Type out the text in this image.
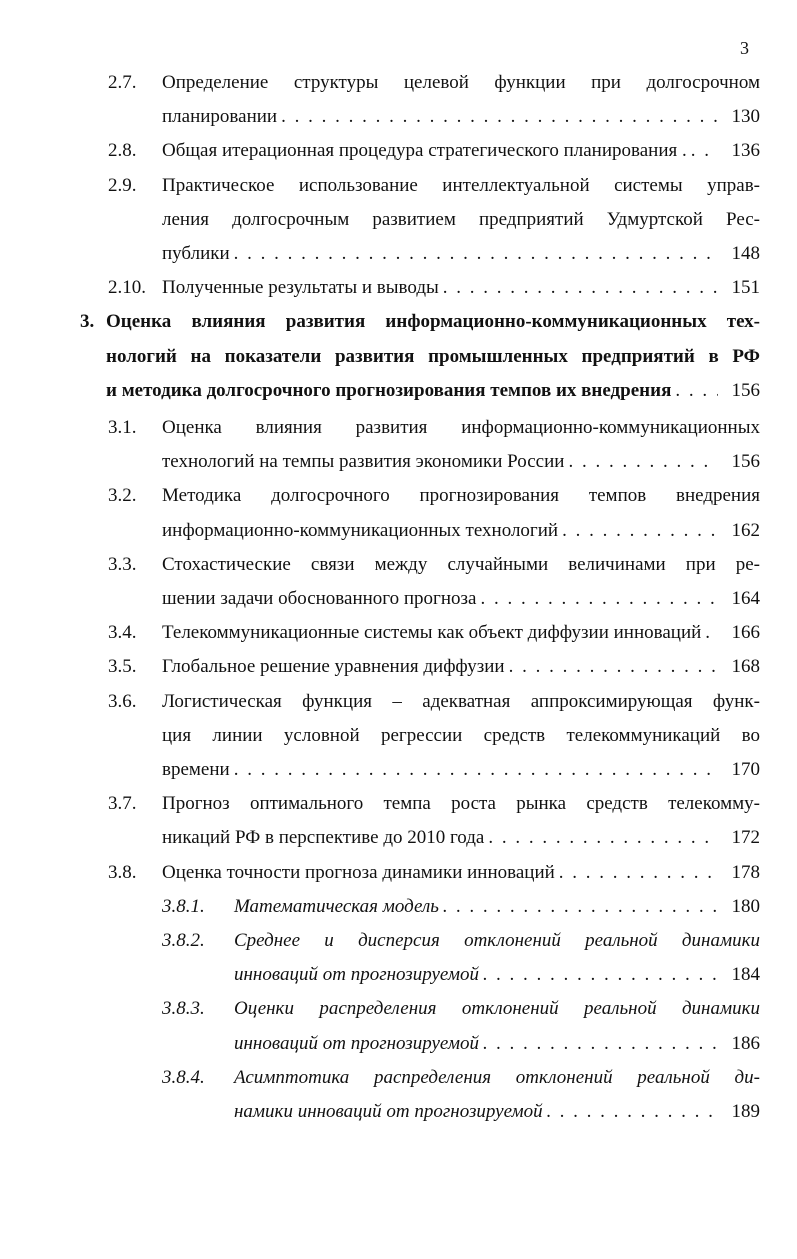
3
2.7. Определение структуры целевой функции при долгосрочном
планировании . . .	130
2.8. Общая итерационная процедура стратегического планирования . . . . 136
2.9. Практическое использование интеллектуальной системы управ-
ления долгосрочным развитием предприятий Удмуртской Рес-
публики . . .	148
2.10. Полученные результаты и выводы . . .	151
3. Оценка влияния развития информационно-коммуникационных тех-
нологий на показатели развития промышленных предприятий в РФ
и методика долгосрочного прогнозирования темпов их внедрения . . .	156
3.1. Оценка влияния развития информационно-коммуникационных
технологий на темпы развития экономики России . . .	156
3.2. Методика долгосрочного прогнозирования темпов внедрения
информационно-коммуникационных технологий . . .	162
3.3. Стохастические связи между случайными величинами при ре-
шении задачи обоснованного прогноза . . .	164
3.4. Телекоммуникационные системы как объект диффузии инноваций . . . 166
3.5. Глобальное решение уравнения диффузии . . .	168
3.6. Логистическая функция – адекватная аппроксимирующая функ-
ция линии условной регрессии средств телекоммуникаций во
времени . . .	170
3.7. Прогноз оптимального темпа роста рынка средств телекомму-
никаций РФ в перспективе до 2010 года . . .	172
3.8. Оценка точности прогноза динамики инноваций . . .	178
3.8.1. Математическая модель . . .	180
3.8.2. Среднее и дисперсия отклонений реальной динамики
инноваций от прогнозируемой . . .	184
3.8.3. Оценки распределения отклонений реальной динамики
инноваций от прогнозируемой . . .	186
3.8.4. Асимптотика распределения отклонений реальной ди-
намики инноваций от прогнозируемой . . .	189
